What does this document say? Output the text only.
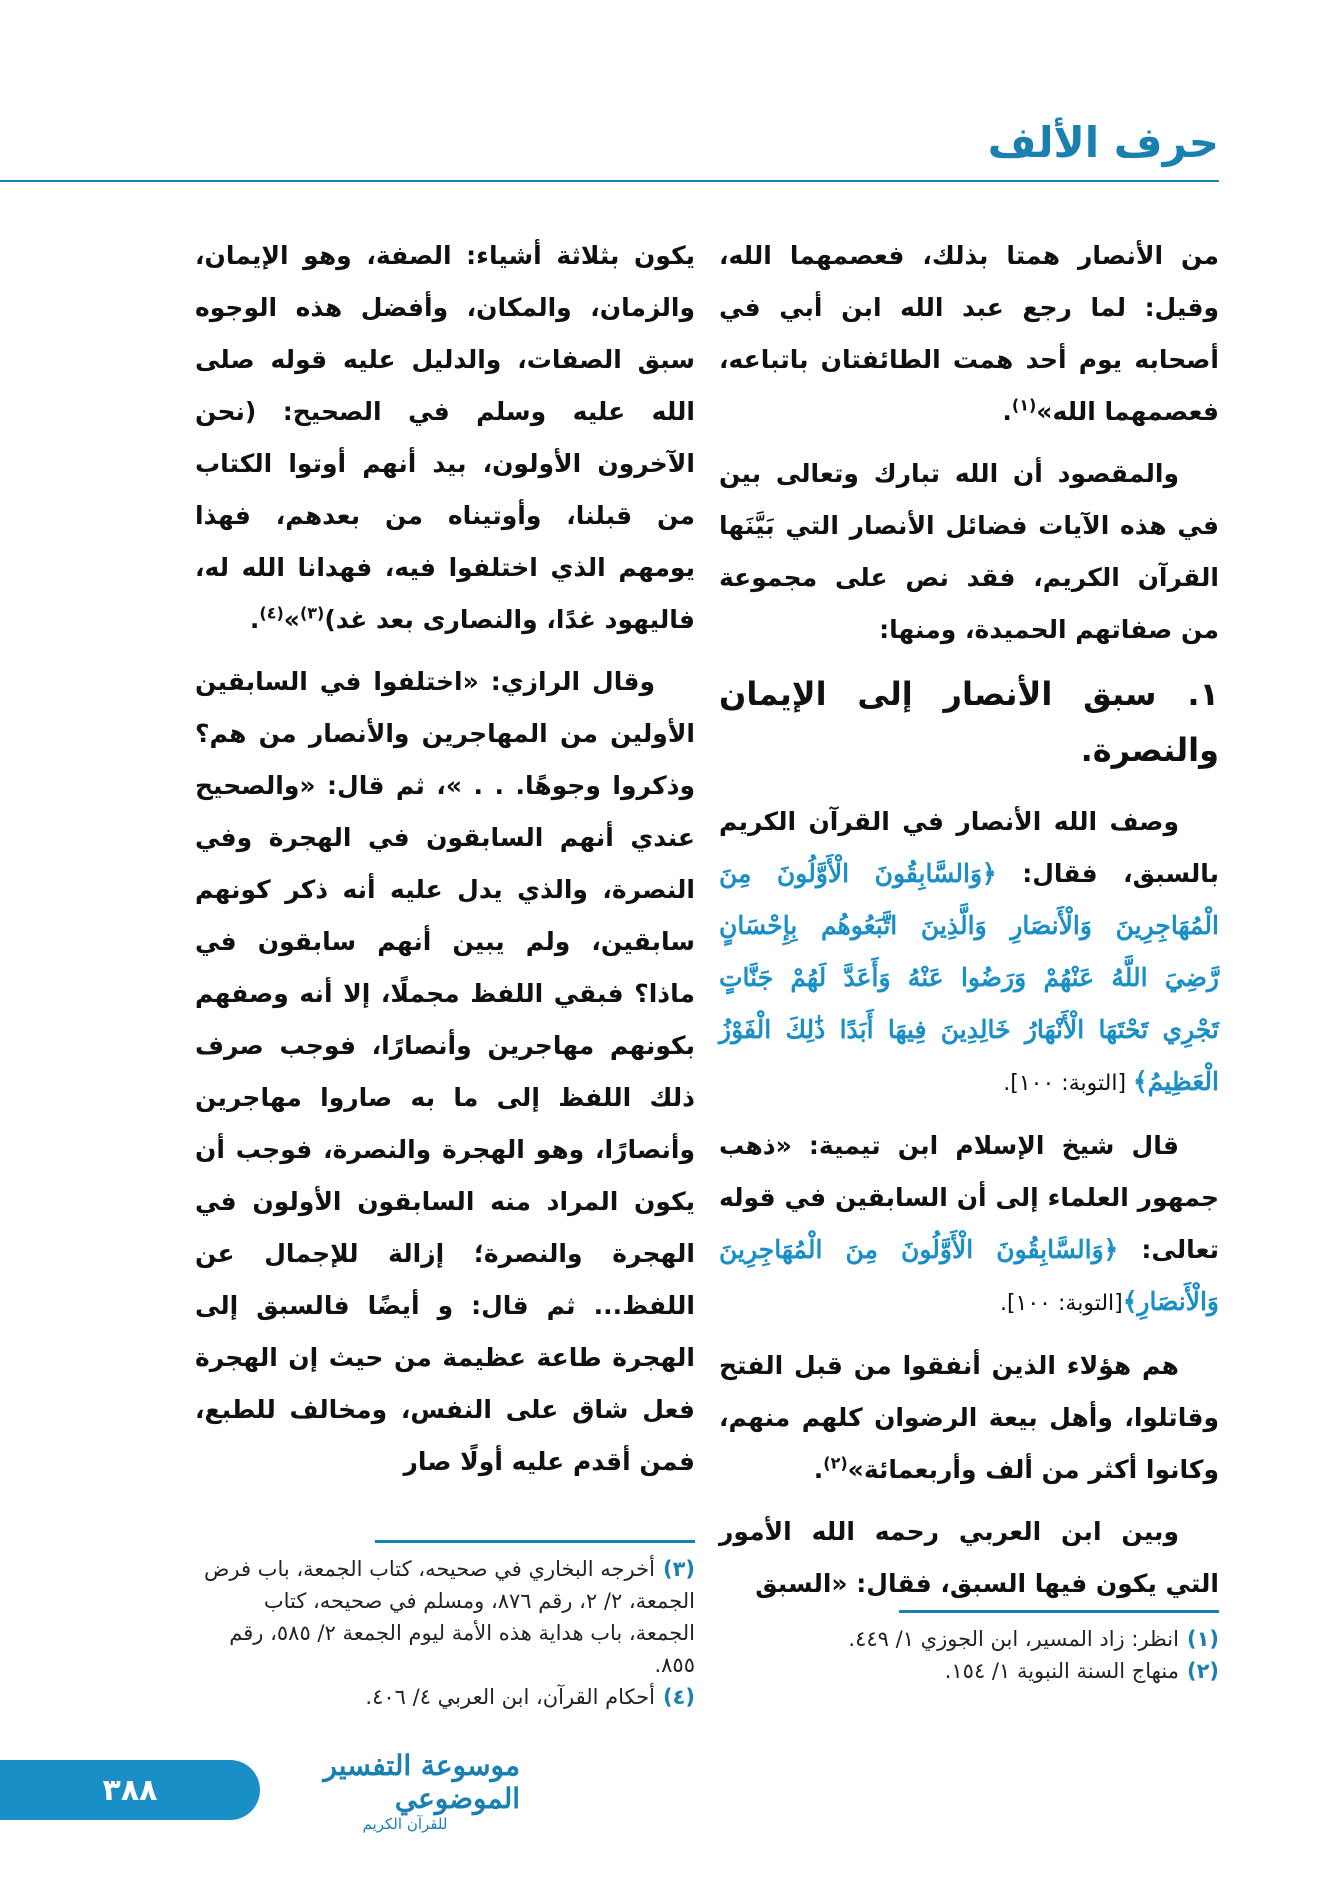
حرف الألف

من الأنصار همتا بذلك، فعصمهما الله، وقيل: لما رجع عبد الله ابن أبي في أصحابه يوم أحد همت الطائفتان باتباعه، فعصمهما الله»$^{(١)}$.

والمقصود أن الله تبارك وتعالى بين في هذه الآيات فضائل الأنصار التي بَيَّنَها القرآن الكريم، فقد نص على مجموعة من صفاتهم الحميدة، ومنها:

١. سبق الأنصار إلى الإيمان والنصرة.

وصف الله الأنصار في القرآن الكريم بالسبق، فقال: ﴿وَالسَّابِقُونَ الْأَوَّلُونَ مِنَ الْمُهَاجِرِينَ وَالْأَنصَارِ وَالَّذِينَ اتَّبَعُوهُم بِإِحْسَانٍ رَّضِيَ اللَّهُ عَنْهُمْ وَرَضُوا عَنْهُ وَأَعَدَّ لَهُمْ جَنَّاتٍ تَجْرِي تَحْتَهَا الْأَنْهَارُ خَالِدِينَ فِيهَا أَبَدًا ذَٰلِكَ الْفَوْزُ الْعَظِيمُ﴾ [التوبة: ١٠٠].

قال شيخ الإسلام ابن تيمية: «ذهب جمهور العلماء إلى أن السابقين في قوله تعالى: ﴿وَالسَّابِقُونَ الْأَوَّلُونَ مِنَ الْمُهَاجِرِينَ وَالْأَنصَارِ﴾[التوبة: ١٠٠].

هم هؤلاء الذين أنفقوا من قبل الفتح وقاتلوا، وأهل بيعة الرضوان كلهم منهم، وكانوا أكثر من ألف وأربعمائة»$^{(٢)}$.

وبين ابن العربي رحمه الله الأمور التي يكون فيها السبق، فقال: «السبق

يكون بثلاثة أشياء: الصفة، وهو الإيمان، والزمان، والمكان، وأفضل هذه الوجوه سبق الصفات، والدليل عليه قوله صلى الله عليه وسلم في الصحيح: (نحن الآخرون الأولون، بيد أنهم أوتوا الكتاب من قبلنا، وأوتيناه من بعدهم، فهذا يومهم الذي اختلفوا فيه، فهدانا الله له، فاليهود غدًا، والنصارى بعد غد)$^{(٣)}$»$^{(٤)}$.

وقال الرازي: «اختلفوا في السابقين الأولين من المهاجرين والأنصار من هم؟ وذكروا وجوهًا. . . »، ثم قال: «والصحيح عندي أنهم السابقون في الهجرة وفي النصرة، والذي يدل عليه أنه ذكر كونهم سابقين، ولم يبين أنهم سابقون في ماذا؟ فبقي اللفظ مجملًا، إلا أنه وصفهم بكونهم مهاجرين وأنصارًا، فوجب صرف ذلك اللفظ إلى ما به صاروا مهاجرين وأنصارًا، وهو الهجرة والنصرة، فوجب أن يكون المراد منه السابقون الأولون في الهجرة والنصرة؛ إزالة للإجمال عن اللفظ... ثم قال: و أيضًا فالسبق إلى الهجرة طاعة عظيمة من حيث إن الهجرة فعل شاق على النفس، ومخالف للطبع، فمن أقدم عليه أولًا صار

(٣)أخرجه البخاري في صحيحه، كتاب الجمعة، باب فرض الجمعة، ٢/ ٢، رقم ٨٧٦، ومسلم في صحيحه، كتاب الجمعة، باب هداية هذه الأمة ليوم الجمعة ٢/ ٥٨٥، رقم ٨٥٥.

(٤)أحكام القرآن، ابن العربي ٤/ ٤٠٦.

(١)انظر: زاد المسير، ابن الجوزي ١/ ٤٤٩.

(٢)منهاج السنة النبوية ١/ ١٥٤.

٣٨٨
موسوعة التفسير الموضوعي
للقرآن الكريم
